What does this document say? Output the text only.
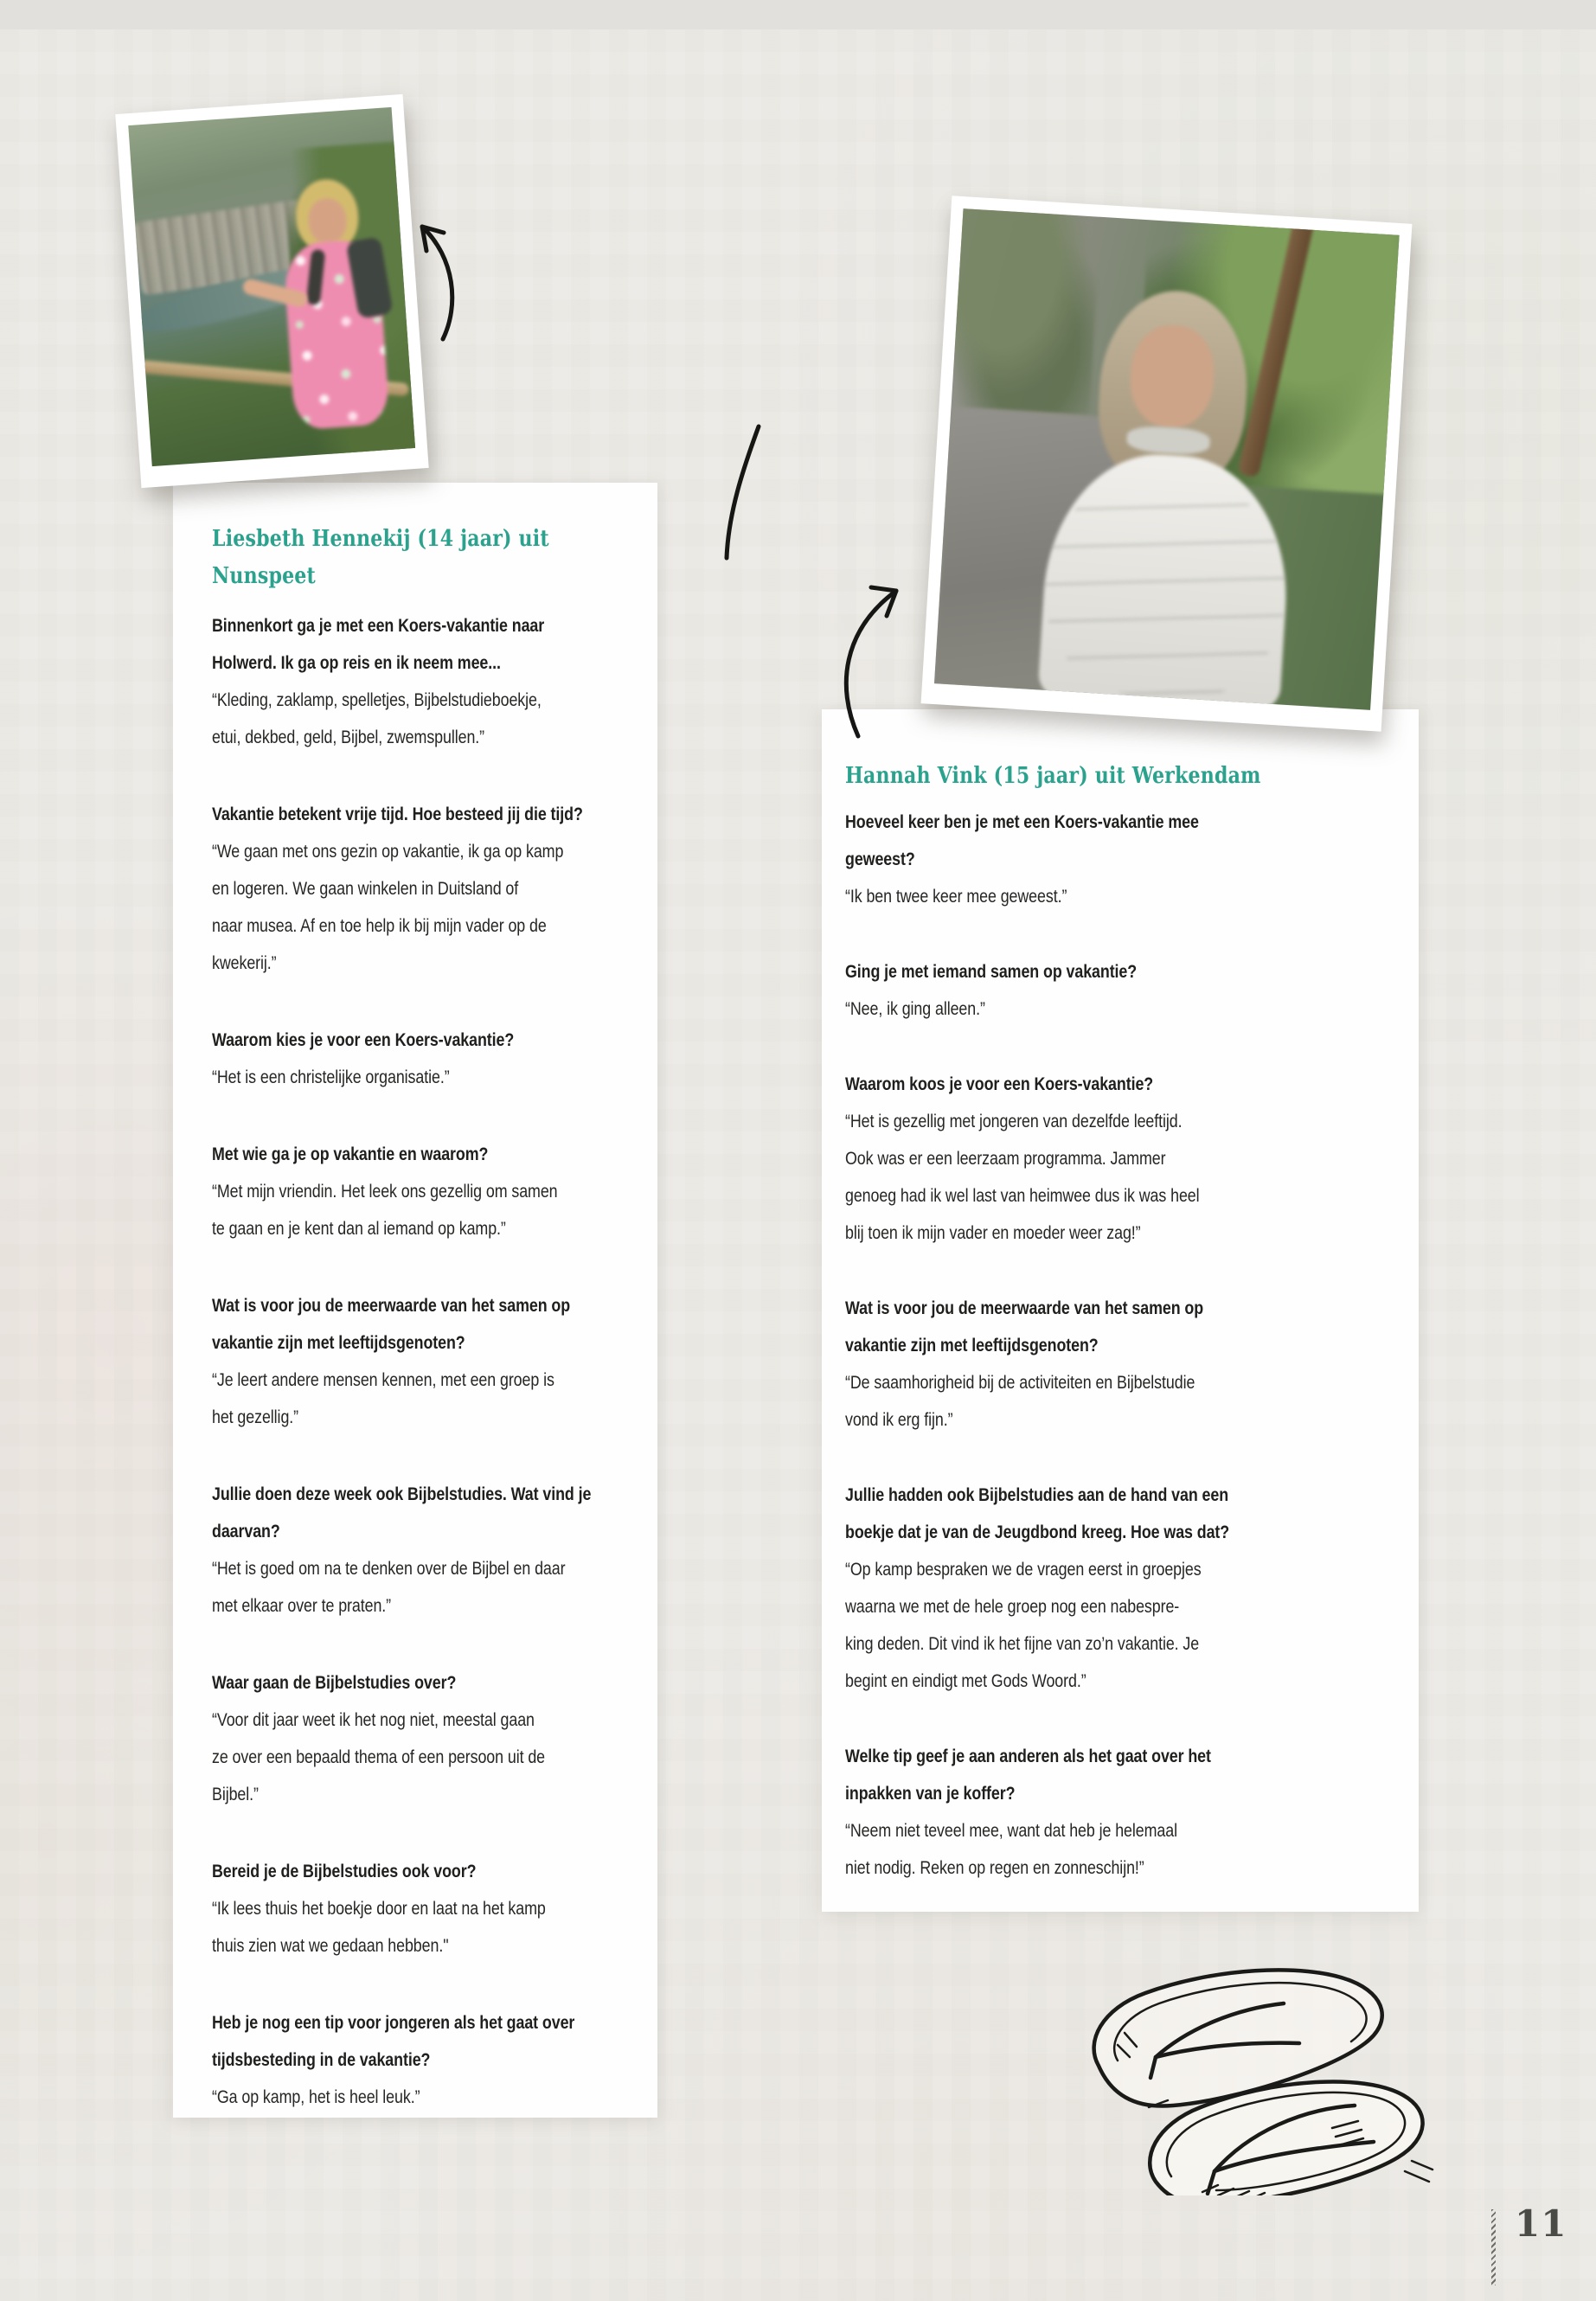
Liesbeth Hennekij (14 jaar) uit Nunspeet

Binnenkort ga je met een Koers-vakantie naar
Holwerd. Ik ga op reis en ik neem mee...

“Kleding, zaklamp, spelletjes, Bijbelstudieboekje,
etui, dekbed, geld, Bijbel, zwemspullen.”

Vakantie betekent vrije tijd. Hoe besteed jij die tijd?

“We gaan met ons gezin op vakantie, ik ga op kamp
en logeren. We gaan winkelen in Duitsland of
naar musea. Af en toe help ik bij mijn vader op de
kwekerij.”

Waarom kies je voor een Koers-vakantie?

“Het is een christelijke organisatie.”

Met wie ga je op vakantie en waarom?

“Met mijn vriendin. Het leek ons gezellig om samen
te gaan en je kent dan al iemand op kamp.”

Wat is voor jou de meerwaarde van het samen op
vakantie zijn met leeftijdsgenoten?

“Je leert andere mensen kennen, met een groep is
het gezellig.”

Jullie doen deze week ook Bijbelstudies. Wat vind je
daarvan?

“Het is goed om na te denken over de Bijbel en daar
met elkaar over te praten.”

Waar gaan de Bijbelstudies over?

“Voor dit jaar weet ik het nog niet, meestal gaan
ze over een bepaald thema of een persoon uit de
Bijbel.”

Bereid je de Bijbelstudies ook voor?

“Ik lees thuis het boekje door en laat na het kamp
thuis zien wat we gedaan hebben."

Heb je nog een tip voor jongeren als het gaat over
tijdsbesteding in de vakantie?

“Ga op kamp, het is heel leuk.”

Hannah Vink (15 jaar) uit Werkendam

Hoeveel keer ben je met een Koers-vakantie mee
geweest?

“Ik ben twee keer mee geweest.”

Ging je met iemand samen op vakantie?

“Nee, ik ging alleen.”

Waarom koos je voor een Koers-vakantie?

“Het is gezellig met jongeren van dezelfde leeftijd.
Ook was er een leerzaam programma. Jammer
genoeg had ik wel last van heimwee dus ik was heel
blij toen ik mijn vader en moeder weer zag!”

Wat is voor jou de meerwaarde van het samen op
vakantie zijn met leeftijdsgenoten?

“De saamhorigheid bij de activiteiten en Bijbelstudie
vond ik erg fijn.”

Jullie hadden ook Bijbelstudies aan de hand van een
boekje dat je van de Jeugdbond kreeg. Hoe was dat?

“Op kamp bespraken we de vragen eerst in groepjes
waarna we met de hele groep nog een nabespre-
king deden. Dit vind ik het fijne van zo’n vakantie. Je
begint en eindigt met Gods Woord.”

Welke tip geef je aan anderen als het gaat over het
inpakken van je koffer?

“Neem niet teveel mee, want dat heb je helemaal
niet nodig. Reken op regen en zonneschijn!”

11
